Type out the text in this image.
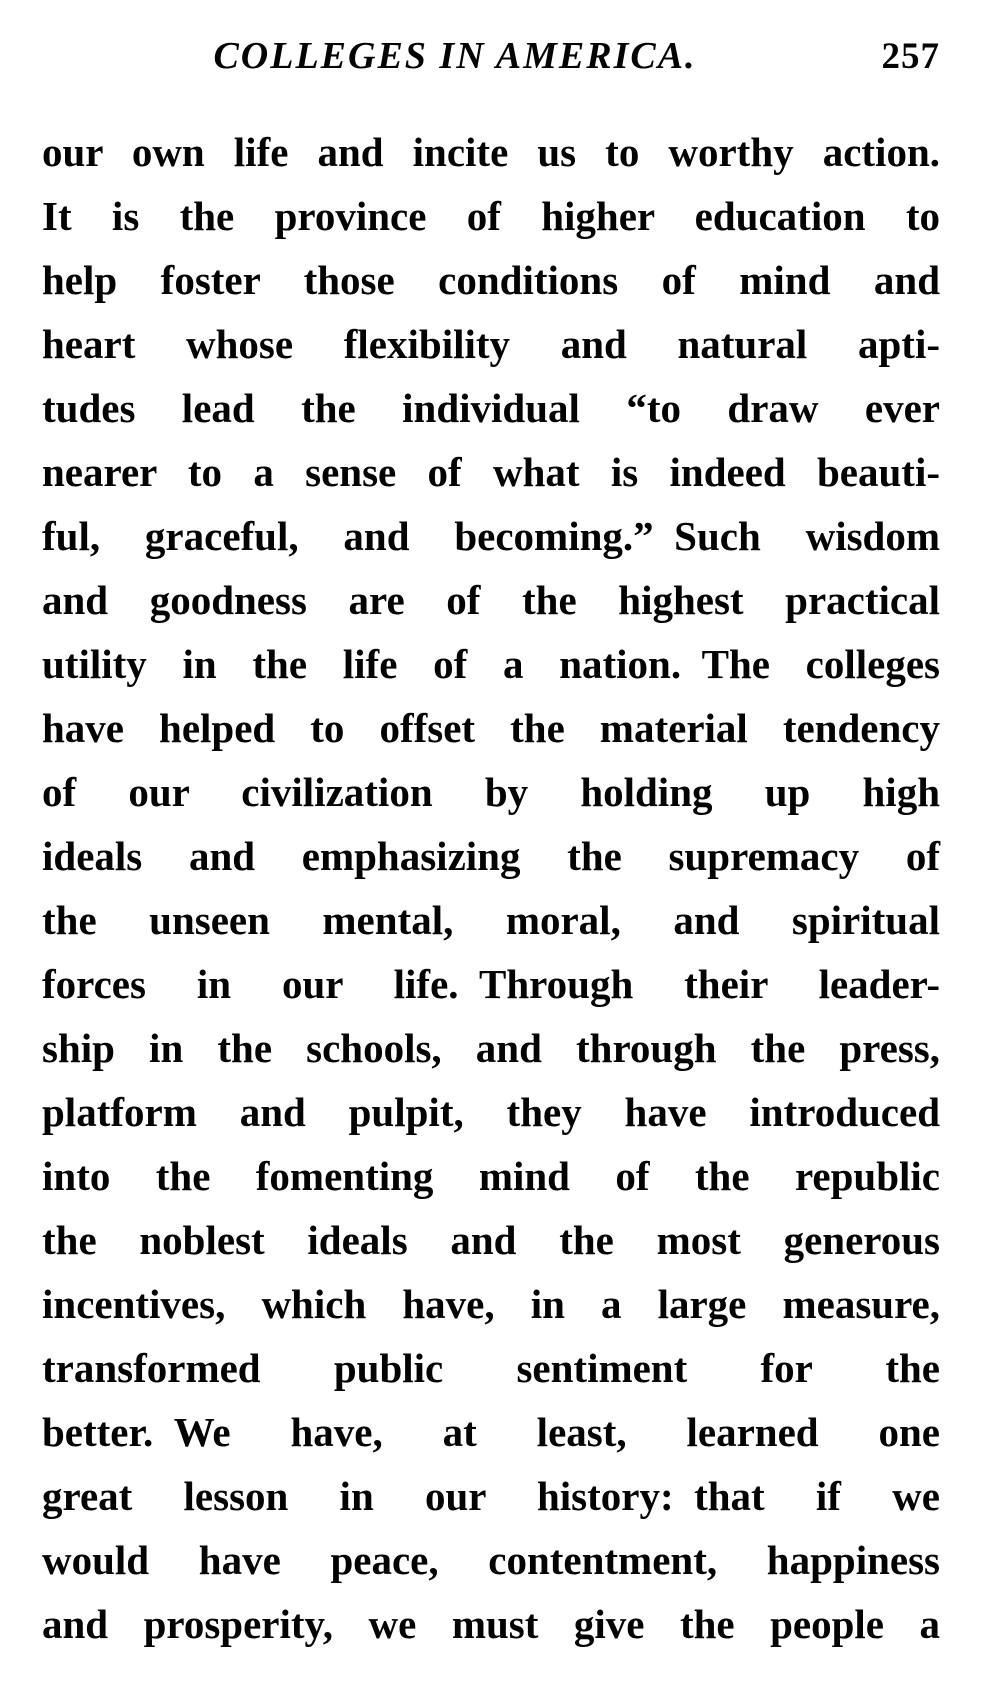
COLLEGES IN AMERICA.	257
our own life and incite us to worthy action.
It is the province of higher education to
help foster those conditions of mind and
heart whose flexibility and natural apti-
tudes lead the individual “to draw ever
nearer to a sense of what is indeed beauti-
ful, graceful, and becoming.” Such wisdom
and goodness are of the highest practical
utility in the life of a nation. The colleges
have helped to offset the material tendency
of our civilization by holding up high
ideals and emphasizing the supremacy of
the unseen mental, moral, and spiritual
forces in our life. Through their leader-
ship in the schools, and through the press,
platform and pulpit, they have introduced
into the fomenting mind of the republic
the noblest ideals and the most generous
incentives, which have, in a large measure,
transformed public sentiment for the
better. We have, at least, learned one
great lesson in our history: that if we
would have peace, contentment, happiness
and prosperity, we must give the people a
